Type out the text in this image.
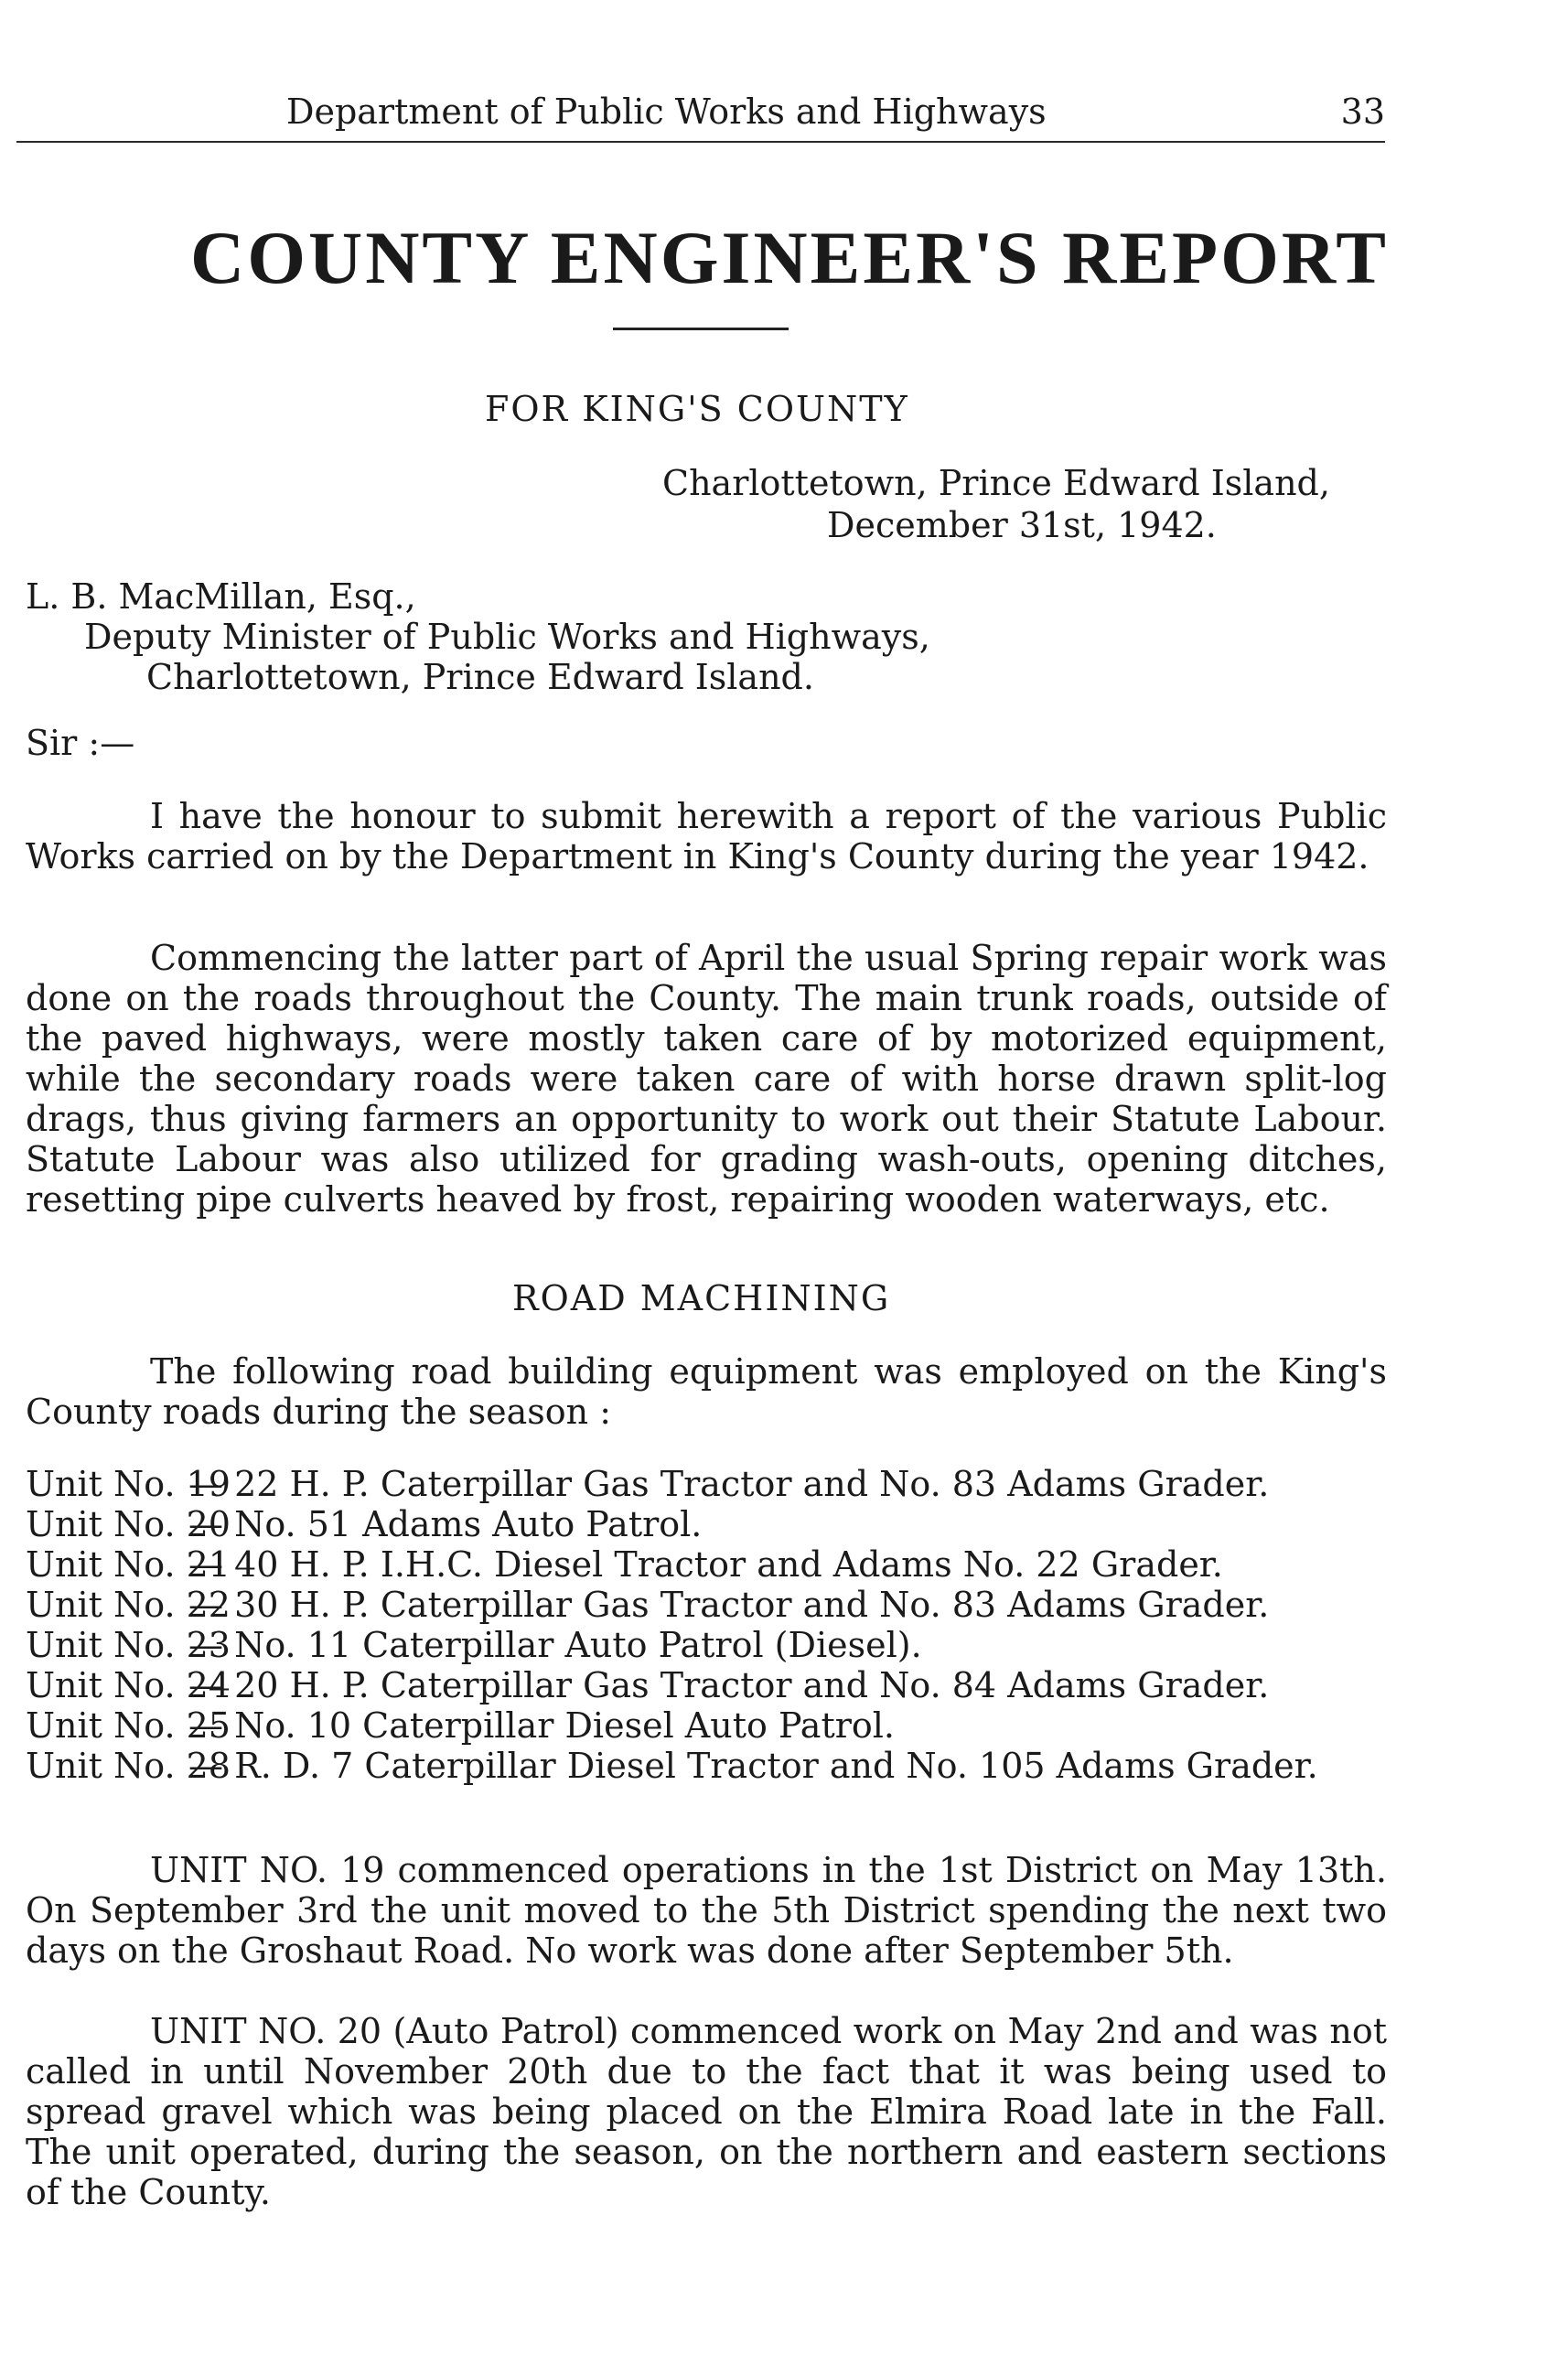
Department of Public Works and Highways	33
COUNTY ENGINEER'S REPORT
FOR KING'S COUNTY
Charlottetown, Prince Edward Island,
December 31st, 1942.
L. B. MacMillan, Esq.,
Deputy Minister of Public Works and Highways,
Charlottetown, Prince Edward Island.
Sir :—

I have the honour to submit herewith a report of the various Public Works carried on by the Department in King's County during the year 1942.

Commencing the latter part of April the usual Spring repair work was done on the roads throughout the County. The main trunk roads, outside of the paved highways, were mostly taken care of by motorized equipment, while the secondary roads were taken care of with horse drawn split-log drags, thus giving farmers an opportunity to work out their Statute Labour. Statute Labour was also utilized for grading wash-outs, opening ditches, resetting pipe culverts heaved by frost, repairing wooden waterways, etc.

ROAD MACHINING

The following road building equipment was employed on the King's County roads during the season :

Unit No. 19
— 22 H. P. Caterpillar Gas Tractor and No. 83 Adams Grader.
Unit No. 20
— No. 51 Adams Auto Patrol.
Unit No. 21
— 40 H. P. I.H.C. Diesel Tractor and Adams No. 22 Grader.
Unit No. 22
— 30 H. P. Caterpillar Gas Tractor and No. 83 Adams Grader.
Unit No. 23
— No. 11 Caterpillar Auto Patrol (Diesel).
Unit No. 24
— 20 H. P. Caterpillar Gas Tractor and No. 84 Adams Grader.
Unit No. 25
— No. 10 Caterpillar Diesel Auto Patrol.
Unit No. 28
— R. D. 7 Caterpillar Diesel Tractor and No. 105 Adams Grader.

UNIT NO. 19 commenced operations in the 1st District on May 13th. On September 3rd the unit moved to the 5th District spending the next two days on the Groshaut Road. No work was done after September 5th.

UNIT NO. 20 (Auto Patrol) commenced work on May 2nd and was not called in until November 20th due to the fact that it was being used to spread gravel which was being placed on the Elmira Road late in the Fall. The unit operated, during the season, on the northern and eastern sections of the County.
